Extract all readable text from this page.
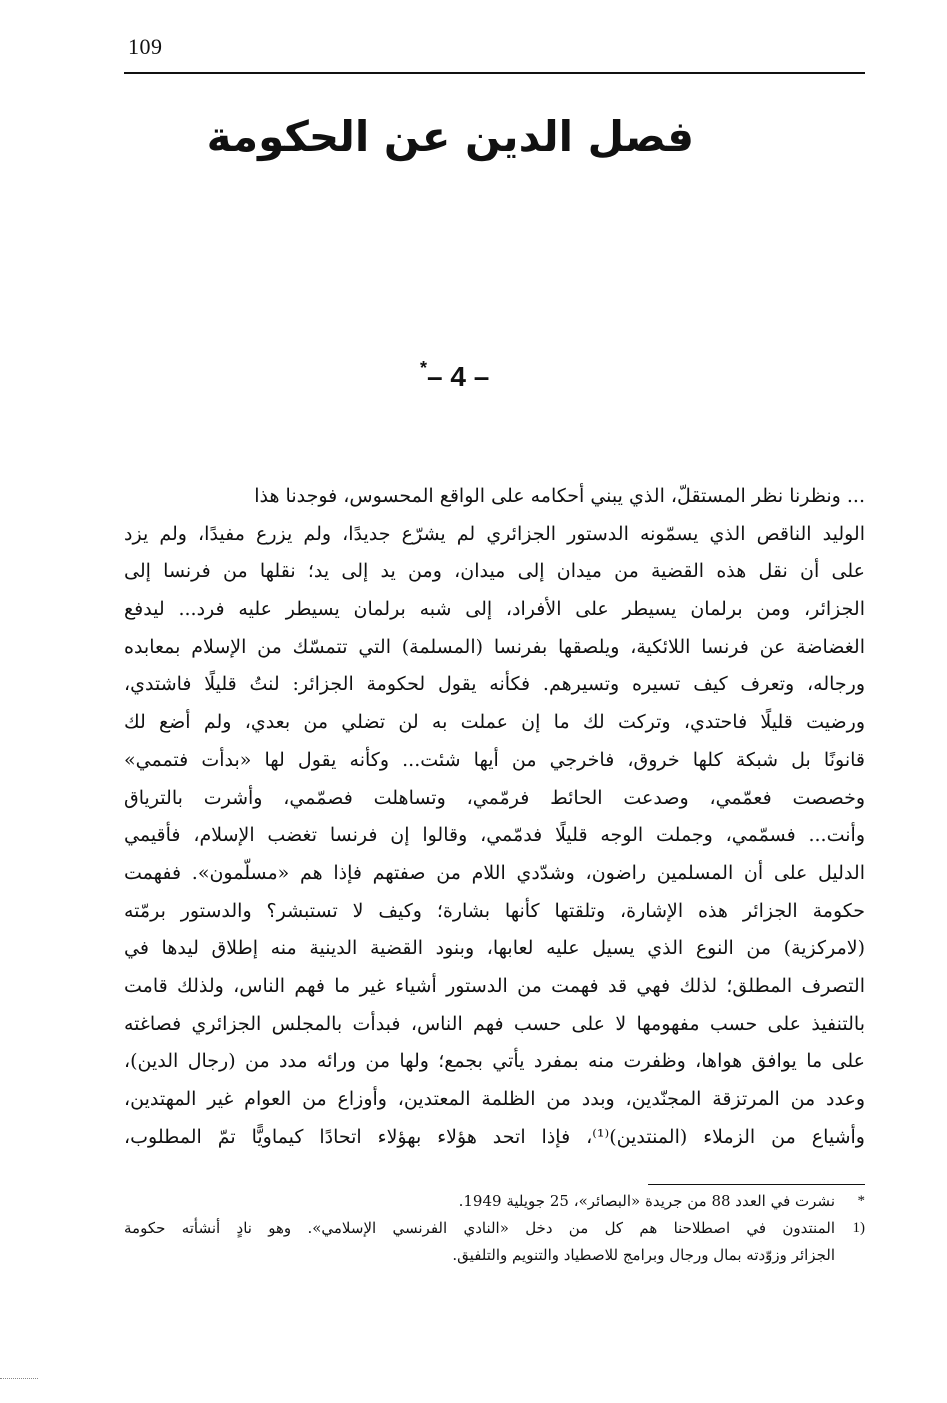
109
فصل الدين عن الحكومة
*– 4 –
... ونظرنا نظر المستقلّ، الذي يبني أحكامه على الواقع المحسوس، فوجدنا هذا
الوليد الناقص الذي يسمّونه الدستور الجزائري لم يشرّع جديدًا، ولم يزرع مفيدًا، ولم يزد
على أن نقل هذه القضية من ميدان إلى ميدان، ومن يد إلى يد؛ نقلها من فرنسا إلى
الجزائر، ومن برلمان يسيطر على الأفراد، إلى شبه برلمان يسيطر عليه فرد... ليدفع
الغضاضة عن فرنسا اللائكية، ويلصقها بفرنسا (المسلمة) التي تتمسّك من الإسلام بمعابده
ورجاله، وتعرف كيف تسيره وتسيرهم. فكأنه يقول لحكومة الجزائر: لنتُ قليلًا فاشتدي،
ورضيت قليلًا فاحتدي، وتركت لك ما إن عملت به لن تضلي من بعدي، ولم أضع لك
قانونًا بل شبكة كلها خروق، فاخرجي من أيها شئت... وكأنه يقول لها «بدأت فتممي»
وخصصت فعمّمي، وصدعت الحائط فرمّمي، وتساهلت فصمّمي، وأشرت بالترياق
وأنت... فسمّمي، وجملت الوجه قليلًا فدمّمي، وقالوا إن فرنسا تغضب الإسلام، فأقيمي
الدليل على أن المسلمين راضون، وشدّدي اللام من صفتهم فإذا هم «مسلّمون». ففهمت
حكومة الجزائر هذه الإشارة، وتلقتها كأنها بشارة؛ وكيف لا تستبشر؟ والدستور برمّته
(لامركزية) من النوع الذي يسيل عليه لعابها، وبنود القضية الدينية منه إطلاق ليدها في
التصرف المطلق؛ لذلك فهي قد فهمت من الدستور أشياء غير ما فهم الناس، ولذلك قامت
بالتنفيذ على حسب مفهومها لا على حسب فهم الناس، فبدأت بالمجلس الجزائري فصاغته
على ما يوافق هواها، وظفرت منه بمفرد يأتي بجمع؛ ولها من ورائه مدد من (رجال الدين)،
وعدد من المرتزقة المجنّدين، وبدد من الظلمة المعتدين، وأوزاع من العوام غير المهتدين،
وأشياع من الزملاء (المنتدين)⁽¹⁾، فإذا اتحد هؤلاء بهؤلاء اتحادًا كيماويًّا تمّ المطلوب،
*
نشرت في العدد 88 من جريدة «البصائر»، 25 جويلية 1949.
(1
المنتدون في اصطلاحنا هم كل من دخل «النادي الفرنسي الإسلامي». وهو نادٍ أنشأته حكومة
الجزائر وزوّدته بمال ورجال وبرامج للاصطياد والتنويم والتلفيق.
